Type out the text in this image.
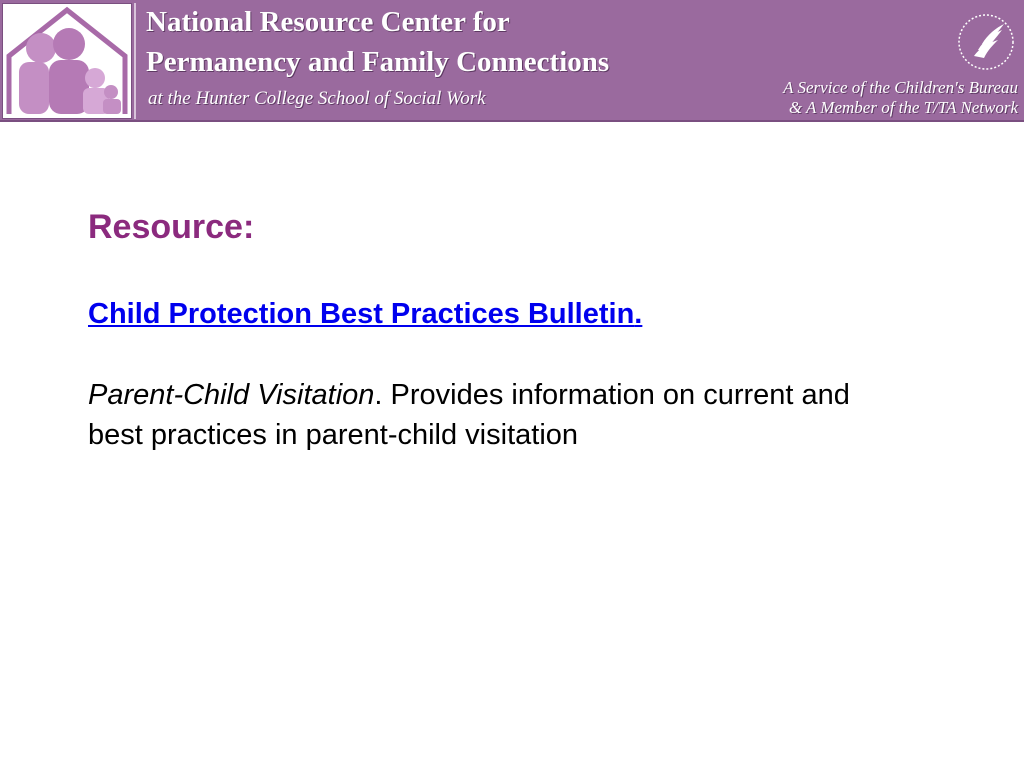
National Resource Center for
Permanency and Family Connections
at the Hunter College School of Social Work
A Service of the Children's Bureau
& A Member of the T/TA Network
Resource:
Child Protection Best Practices Bulletin.
Parent-Child Visitation. Provides information on current and best practices in parent-child visitation
